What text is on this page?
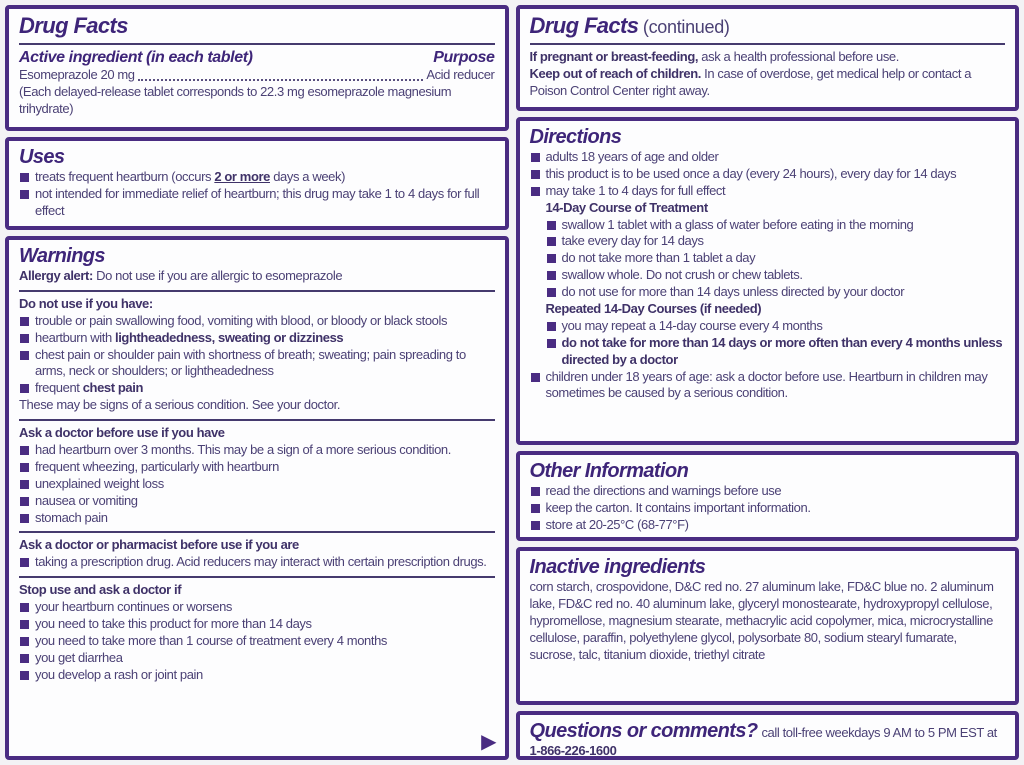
Drug Facts
Active ingredient (in each tablet)	Purpose
Esomeprazole 20 mg	Acid reducer

(Each delayed-release tablet corresponds to 22.3 mg esomeprazole magnesium trihydrate)

Uses
treats frequent heartburn (occurs 2 or more days a week)
not intended for immediate relief of heartburn; this drug may take 1 to 4 days for full effect
Warnings

Allergy alert: Do not use if you are allergic to esomeprazole

Do not use if you have:

trouble or pain swallowing food, vomiting with blood, or bloody or black stools
heartburn with lightheadedness, sweating or dizziness
chest pain or shoulder pain with shortness of breath; sweating; pain spreading to arms, neck or shoulders; or lightheadedness
frequent chest pain

These may be signs of a serious condition. See your doctor.

Ask a doctor before use if you have

had heartburn over 3 months. This may be a sign of a more serious condition.
frequent wheezing, particularly with heartburn
unexplained weight loss
nausea or vomiting
stomach pain

Ask a doctor or pharmacist before use if you are

taking a prescription drug. Acid reducers may interact with certain prescription drugs.

Stop use and ask a doctor if

your heartburn continues or worsens
you need to take this product for more than 14 days
you need to take more than 1 course of treatment every 4 months
you get diarrhea
you develop a rash or joint pain
▶
Drug Facts (continued)

If pregnant or breast-feeding, ask a health professional before use.

Keep out of reach of children. In case of overdose, get medical help or contact a Poison Control Center right away.

Directions
adults 18 years of age and older
this product is to be used once a day (every 24 hours), every day for 14 days
may take 1 to 4 days for full effect

14-Day Course of Treatment

swallow 1 tablet with a glass of water before eating in the morning
take every day for 14 days
do not take more than 1 tablet a day
swallow whole. Do not crush or chew tablets.
do not use for more than 14 days unless directed by your doctor

Repeated 14-Day Courses (if needed)

you may repeat a 14-day course every 4 months
do not take for more than 14 days or more often than every 4 months unless directed by a doctor
children under 18 years of age: ask a doctor before use. Heartburn in children may sometimes be caused by a serious condition.
Other Information
read the directions and warnings before use
keep the carton. It contains important information.
store at 20-25°C (68-77°F)
Inactive ingredients

corn starch, crospovidone, D&C red no. 27 aluminum lake, FD&C blue no. 2 aluminum lake, FD&C red no. 40 aluminum lake, glyceryl monostearate, hydroxypropyl cellulose, hypromellose, magnesium stearate, methacrylic acid copolymer, mica, microcrystalline cellulose, paraffin, polyethylene glycol, polysorbate 80, sodium stearyl fumarate, sucrose, talc, titanium dioxide, triethyl citrate

Questions or comments? call toll-free weekdays 9 AM to 5 PM EST at 1-866-226-1600
